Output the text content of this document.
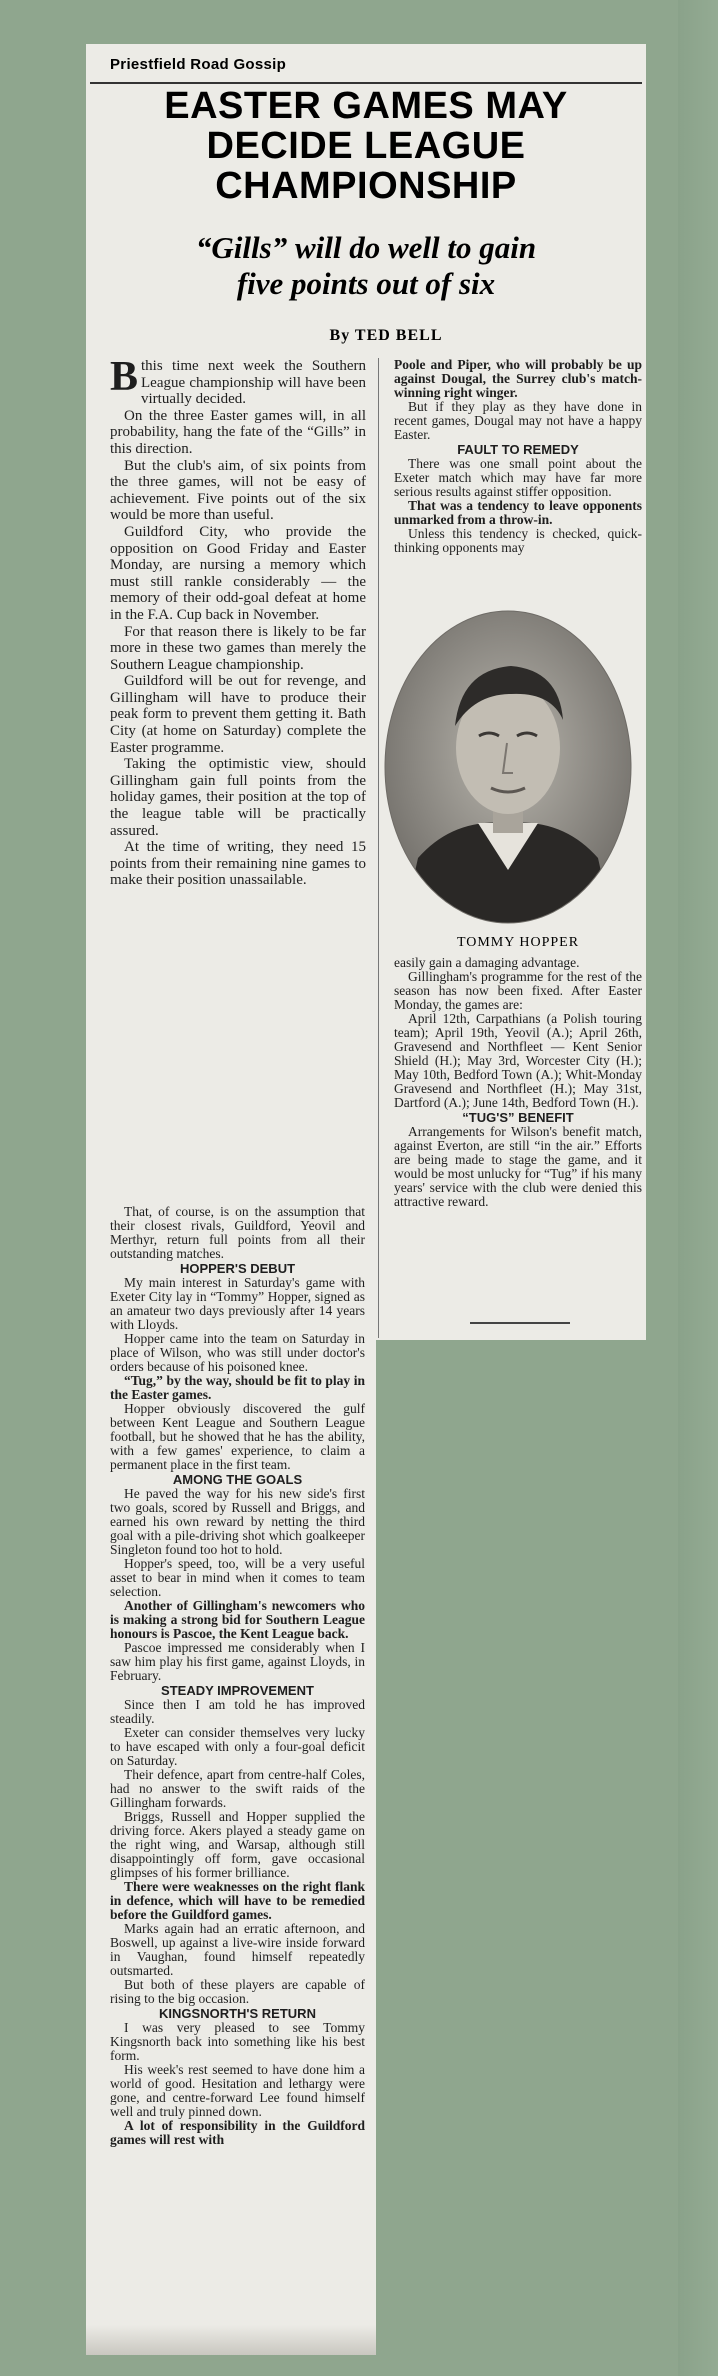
Priestfield Road Gossip
EASTER GAMES MAY
DECIDE LEAGUE
CHAMPIONSHIP
“Gills” will do well to gain
five points out of six
By TED BELL

Bthis time next week the Southern League championship will have been virtually decided.

On the three Easter games will, in all probability, hang the fate of the “Gills” in this direction.

But the club's aim, of six points from the three games, will not be easy of achievement. Five points out of the six would be more than useful.

Guildford City, who provide the opposition on Good Friday and Easter Monday, are nursing a memory which must still rankle considerably — the memory of their odd-goal defeat at home in the F.A. Cup back in November.

For that reason there is likely to be far more in these two games than merely the Southern League championship.

Guildford will be out for revenge, and Gillingham will have to produce their peak form to prevent them getting it. Bath City (at home on Saturday) complete the Easter programme.

Taking the optimistic view, should Gillingham gain full points from the holiday games, their position at the top of the league table will be practically assured.

At the time of writing, they need 15 points from their remaining nine games to make their position unassailable.

That, of course, is on the assumption that their closest rivals, Guildford, Yeovil and Merthyr, return full points from all their outstanding matches.

HOPPER'S DEBUT

My main interest in Saturday's game with Exeter City lay in “Tommy” Hopper, signed as an amateur two days previously after 14 years with Lloyds.

Hopper came into the team on Saturday in place of Wilson, who was still under doctor's orders because of his poisoned knee.

“Tug,” by the way, should be fit to play in the Easter games.

Hopper obviously discovered the gulf between Kent League and Southern League football, but he showed that he has the ability, with a few games' experience, to claim a permanent place in the first team.

AMONG THE GOALS

He paved the way for his new side's first two goals, scored by Russell and Briggs, and earned his own reward by netting the third goal with a pile-driving shot which goalkeeper Singleton found too hot to hold.

Hopper's speed, too, will be a very useful asset to bear in mind when it comes to team selection.

Another of Gillingham's newcomers who is making a strong bid for Southern League honours is Pascoe, the Kent League back.

Pascoe impressed me considerably when I saw him play his first game, against Lloyds, in February.

STEADY IMPROVEMENT

Since then I am told he has improved steadily.

Exeter can consider themselves very lucky to have escaped with only a four-goal deficit on Saturday.

Their defence, apart from centre-half Coles, had no answer to the swift raids of the Gillingham forwards.

Briggs, Russell and Hopper supplied the driving force. Akers played a steady game on the right wing, and Warsap, although still disappointingly off form, gave occasional glimpses of his former brilliance.

There were weaknesses on the right flank in defence, which will have to be remedied before the Guildford games.

Marks again had an erratic afternoon, and Boswell, up against a live-wire inside forward in Vaughan, found himself repeatedly outsmarted.

But both of these players are capable of rising to the big occasion.

KINGSNORTH'S RETURN

I was very pleased to see Tommy Kingsnorth back into something like his best form.

His week's rest seemed to have done him a world of good. Hesitation and lethargy were gone, and centre-forward Lee found himself well and truly pinned down.

A lot of responsibility in the Guildford games will rest with

Poole and Piper, who will probably be up against Dougal, the Surrey club's match-winning right winger.

But if they play as they have done in recent games, Dougal may not have a happy Easter.

FAULT TO REMEDY

There was one small point about the Exeter match which may have far more serious results against stiffer opposition.

That was a tendency to leave opponents unmarked from a throw-in.

Unless this tendency is checked, quick-thinking opponents may

TOMMY HOPPER

easily gain a damaging advantage.

Gillingham's programme for the rest of the season has now been fixed. After Easter Monday, the games are:

April 12th, Carpathians (a Polish touring team); April 19th, Yeovil (A.); April 26th, Gravesend and Northfleet — Kent Senior Shield (H.); May 3rd, Worcester City (H.); May 10th, Bedford Town (A.); Whit-Monday Gravesend and Northfleet (H.); May 31st, Dartford (A.); June 14th, Bedford Town (H.).

“TUG'S” BENEFIT

Arrangements for Wilson's benefit match, against Everton, are still “in the air.” Efforts are being made to stage the game, and it would be most unlucky for “Tug” if his many years' service with the club were denied this attractive reward.
